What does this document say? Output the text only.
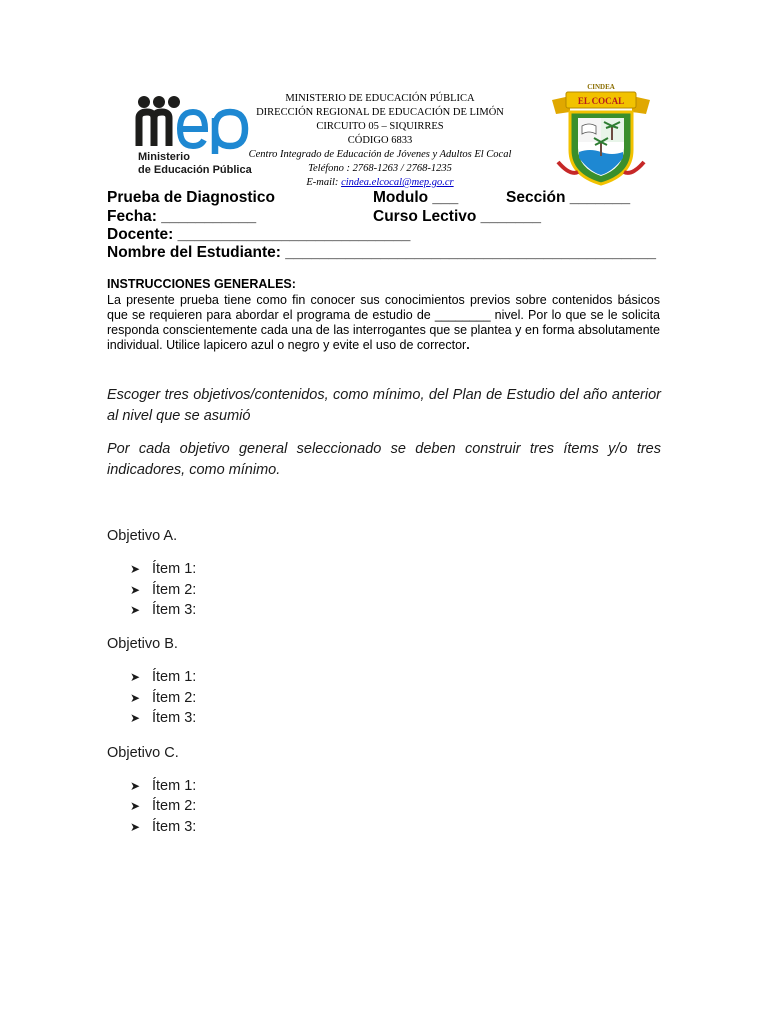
Ministerio
de Educación Pública
MINISTERIO DE EDUCACIÓN PÚBLICA
DIRECCIÓN REGIONAL DE EDUCACIÓN DE LIMÓN
CIRCUITO 05 – SIQUIRRES
CÓDIGO 6833
Centro Integrado de Educación de Jóvenes y Adultos El Cocal
Teléfono : 2768-1263 / 2768-1235
E-mail: cindea.elcocal@mep.go.cr
EL COCAL
CINDEA
Prueba de Diagnostico	Modulo ___	Sección _______
Fecha: ___________	Curso Lectivo _______
Docente: ___________________________
Nombre del Estudiante: ___________________________________________
INSTRUCCIONES GENERALES:
La presente prueba tiene como fin conocer sus conocimientos previos sobre contenidos básicos que se requieren para abordar el programa de estudio de ________ nivel. Por lo que se le solicita responda conscientemente cada una de las interrogantes que se plantea y en forma absolutamente individual. Utilice lapicero azul o negro y evite el uso de corrector.
Escoger tres objetivos/contenidos, como mínimo, del Plan de Estudio del año anterior al nivel que se asumió
Por cada objetivo general seleccionado se deben construir tres ítems y/o tres indicadores, como mínimo.
Objetivo A.
➤ Ítem 1:
➤ Ítem 2:
➤ Ítem 3:
Objetivo B.
➤ Ítem 1:
➤ Ítem 2:
➤ Ítem 3:
Objetivo C.
➤ Ítem 1:
➤ Ítem 2:
➤ Ítem 3:
